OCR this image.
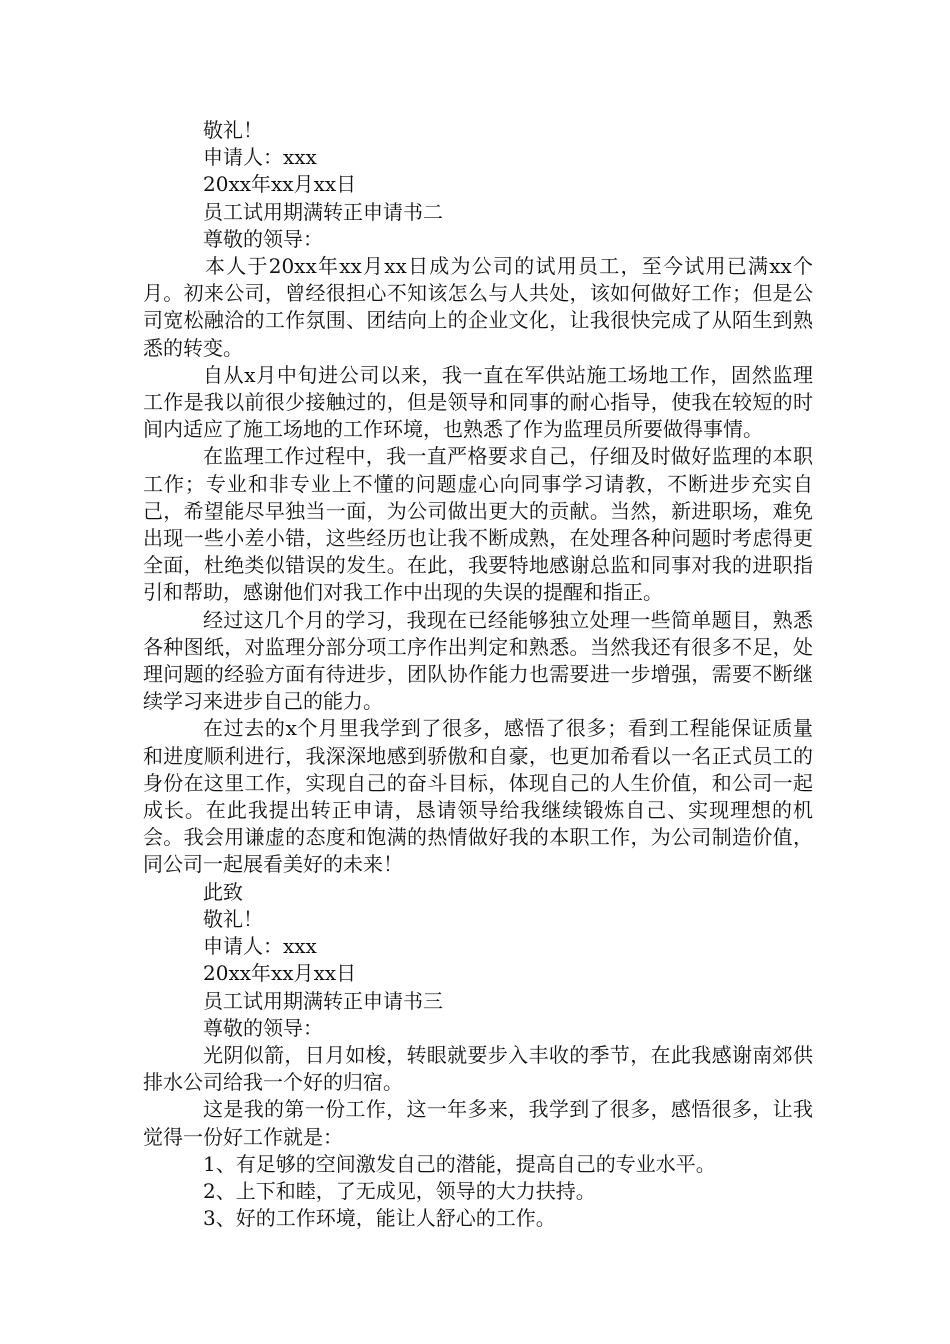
敬礼！

申请人：xxx

20xx年xx月xx日

员工试用期满转正申请书二

尊敬的领导：

本人于20xx年xx月xx日成为公司的试用员工，至今试用已满xx个月。初来公司，曾经很担心不知该怎么与人共处，该如何做好工作；但是公司宽松融洽的工作氛围、团结向上的企业文化，让我很快完成了从陌生到熟悉的转变。

自从x月中旬进公司以来，我一直在军供站施工场地工作，固然监理工作是我以前很少接触过的，但是领导和同事的耐心指导，使我在较短的时间内适应了施工场地的工作环境，也熟悉了作为监理员所要做得事情。

在监理工作过程中，我一直严格要求自己，仔细及时做好监理的本职工作；专业和非专业上不懂的问题虚心向同事学习请教，不断进步充实自己，希望能尽早独当一面，为公司做出更大的贡献。当然，新进职场，难免出现一些小差小错，这些经历也让我不断成熟，在处理各种问题时考虑得更全面，杜绝类似错误的发生。在此，我要特地感谢总监和同事对我的进职指引和帮助，感谢他们对我工作中出现的失误的提醒和指正。

经过这几个月的学习，我现在已经能够独立处理一些简单题目，熟悉各种图纸，对监理分部分项工序作出判定和熟悉。当然我还有很多不足，处理问题的经验方面有待进步，团队协作能力也需要进一步增强，需要不断继续学习来进步自己的能力。

在过去的x个月里我学到了很多，感悟了很多；看到工程能保证质量和进度顺利进行，我深深地感到骄傲和自豪，也更加希看以一名正式员工的身份在这里工作，实现自己的奋斗目标，体现自己的人生价值，和公司一起成长。在此我提出转正申请，恳请领导给我继续锻炼自己、实现理想的机会。我会用谦虚的态度和饱满的热情做好我的本职工作，为公司制造价值，同公司一起展看美好的未来！

此致

敬礼！

申请人：xxx

20xx年xx月xx日

员工试用期满转正申请书三

尊敬的领导：

光阴似箭，日月如梭，转眼就要步入丰收的季节，在此我感谢南郊供排水公司给我一个好的归宿。

这是我的第一份工作，这一年多来，我学到了很多，感悟很多，让我觉得一份好工作就是：

1、有足够的空间激发自己的潜能，提高自己的专业水平。

2、上下和睦，了无成见，领导的大力扶持。

3、好的工作环境，能让人舒心的工作。
